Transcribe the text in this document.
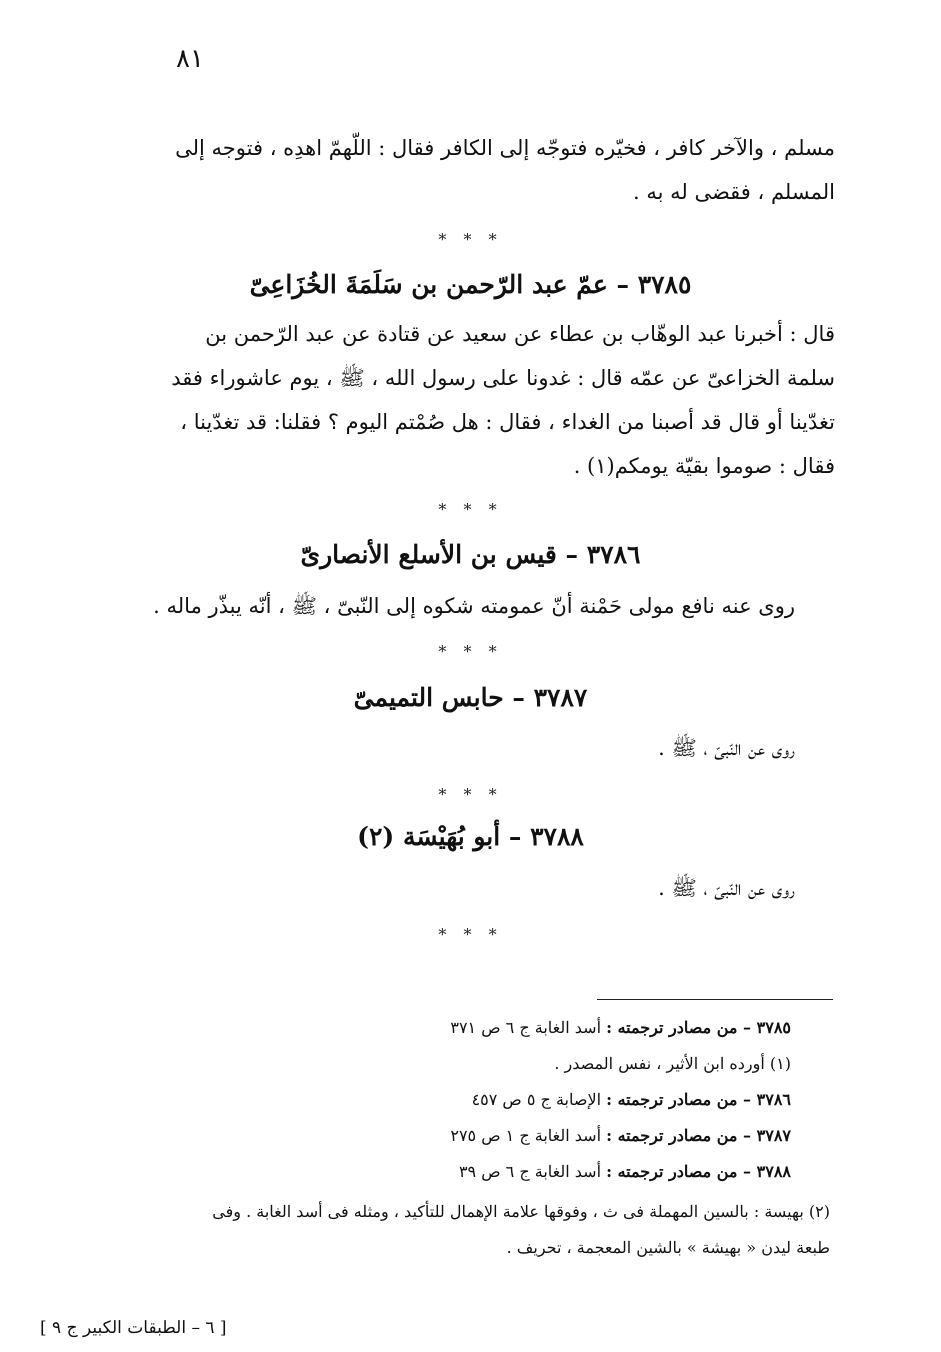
٨١
مسلم ، والآخر كافر ، فخيّره فتوجّه إلى الكافر فقال : اللّهمّ اهدِه ، فتوجه إلى
المسلم ، فقضى له به .
* * *
٣٧٨٥ – عمّ عبد الرّحمن بن سَلَمَةَ الخُزَاعِىّ
قال : أخبرنا عبد الوهّاب بن عطاء عن سعيد عن قتادة عن عبد الرّحمن بن
سلمة الخزاعىّ عن عمّه قال : غدونا على رسول الله ، ﷺ ، يوم عاشوراء فقد
تغدّينا أو قال قد أصبنا من الغداء ، فقال : هل صُمْتم اليوم ؟ فقلنا: قد تغدّينا ،
فقال : صوموا بقيّة يومكم(١) .
* * *
٣٧٨٦ – قيس بن الأسلع الأنصارىّ
روى عنه نافع مولى حَمْنة أنّ عمومته شكوه إلى النّبىّ ، ﷺ ، أنّه يبذّر ماله .
* * *
٣٧٨٧ – حابس التميمىّ
روى عن النّبىّ ، ﷺ .
* * *
٣٧٨٨ – أبو بُهَيْسَة (٢)
روى عن النّبىّ ، ﷺ .
* * *
٣٧٨٥ – من مصادر ترجمته : أسد الغابة ج ٦ ص ٣٧١
(١) أورده ابن الأثير ، نفس المصدر .
٣٧٨٦ – من مصادر ترجمته : الإصابة ج ٥ ص ٤٥٧
٣٧٨٧ – من مصادر ترجمته : أسد الغابة ج ١ ص ٢٧٥
٣٧٨٨ – من مصادر ترجمته : أسد الغابة ج ٦ ص ٣٩
(٢) بهيسة : بالسين المهملة فى ث ، وفوقها علامة الإهمال للتأكيد ، ومثله فى أسد الغابة . وفى
طبعة ليدن « بهيشة » بالشين المعجمة ، تحريف .
[ ٦ – الطبقات الكبير ج ٩ ]
